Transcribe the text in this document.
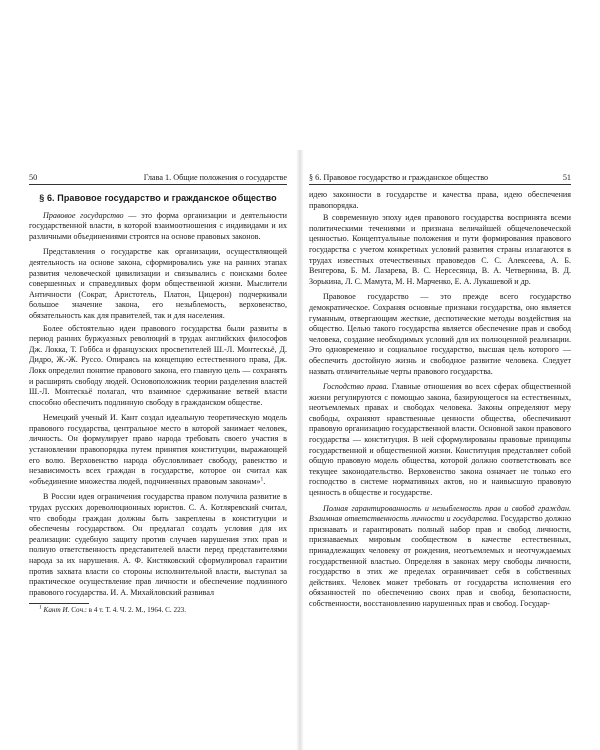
50	Глава 1. Общие положения о государстве	§ 6. Правовое государство и гражданское общество	51
§ 6. Правовое государство и гражданское общество

Правовое государство — это форма организации и деятельности государственной власти, в которой взаимоотношения с индивидами и их различными объединениями строятся на основе правовых законов.

Представления о государстве как организации, осуществляющей деятельность на основе закона, сформировались уже на ранних этапах развития человеческой цивилизации и связывались с поисками более совершенных и справедливых форм общественной жизни. Мыслители Античности (Сократ, Аристотель, Платон, Цицерон) подчеркивали большое значение закона, его незыблемость, верховенство, обязательность как для правителей, так и для населения.

Более обстоятельно идеи правового государства были развиты в период ранних буржуазных революций в трудах английских философов Дж. Локка, Т. Гоббса и французских просветителей Ш.-Л. Монтескьё, Д. Дидро, Ж.-Ж. Руссо. Опираясь на концепцию естественного права, Дж. Локк определил понятие правового закона, его главную цель — сохранять и расширять свободу людей. Основоположник теории разделения властей Ш.-Л. Монтескьё полагал, что взаимное сдерживание ветвей власти способно обеспечить подлинную свободу в гражданском обществе.

Немецкий ученый И. Кант создал идеальную теоретическую модель правового государства, центральное место в которой занимает человек, личность. Он формулирует право народа требовать своего участия в установлении правопорядка путем принятия конституции, выражающей его волю. Верховенство народа обусловливает свободу, равенство и независимость всех граждан в государстве, которое он считал как «объединение множества людей, подчиненных правовым законам»$^1$.

В России идея ограничения государства правом получила развитие в трудах русских дореволюционных юристов. С. А. Котляревский считал, что свободы граждан должны быть закреплены в конституции и обеспечены государством. Он предлагал создать условия для их реализации: судебную защиту против случаев нарушения этих прав и полную ответственность представителей власти перед представителями народа за их нарушения. А. Ф. Кистяковский сформулировал гарантии против захвата власти со стороны исполнительной власти, выступал за практическое осуществление прав личности и обеспечение подлинного правового государства. И. А. Михайловский развивал

$^1$ Кант И. Соч.: в 4 т. Т. 4. Ч. 2. М., 1964. С. 223.

идею законности в государстве и качества права, идею обеспечения правопорядка.

В современную эпоху идея правового государства воспринята всеми политическими течениями и признана величайшей общечеловеческой ценностью. Концептуальные положения и пути формирования правового государства с учетом конкретных условий развития страны излагаются в трудах известных отечественных правоведов С. С. Алексеева, А. Б. Венгерова, Б. М. Лазарева, В. С. Нерсесянца, В. А. Четвернина, В. Д. Зорькина, Л. С. Мамута, М. Н. Марченко, Е. А. Лукашевой и др.

Правовое государство — это прежде всего государство демократическое. Сохраняя основные признаки государства, оно является гуманным, отвергающим жесткие, деспотические методы воздействия на общество. Целью такого государства является обеспечение прав и свобод человека, создание необходимых условий для их полноценной реализации. Это одновременно и социальное государство, высшая цель которого — обеспечить достойную жизнь и свободное развитие человека. Следует назвать отличительные черты правового государства.

Господство права. Главные отношения во всех сферах общественной жизни регулируются с помощью закона, базирующегося на естественных, неотъемлемых правах и свободах человека. Законы определяют меру свободы, охраняют нравственные ценности общества, обеспечивают правовую организацию государственной власти. Основной закон правового государства — конституция. В ней сформулированы правовые принципы государственной и общественной жизни. Конституция представляет собой общую правовую модель общества, которой должно соответствовать все текущее законодательство. Верховенство закона означает не только его господство в системе нормативных актов, но и наивысшую правовую ценность в обществе и государстве.

Полная гарантированность и незыблемость прав и свобод граждан. Взаимная ответственность личности и государства. Государство должно признавать и гарантировать полный набор прав и свобод личности, признаваемых мировым сообществом в качестве естественных, принадлежащих человеку от рождения, неотъемлемых и неотчуждаемых государственной властью. Определяя в законах меру свободы личности, государство в этих же пределах ограничивает себя в собственных действиях. Человек может требовать от государства исполнения его обязанностей по обеспечению своих прав и свобод, безопасности, собственности, восстановлению нарушенных прав и свобод. Государ-
